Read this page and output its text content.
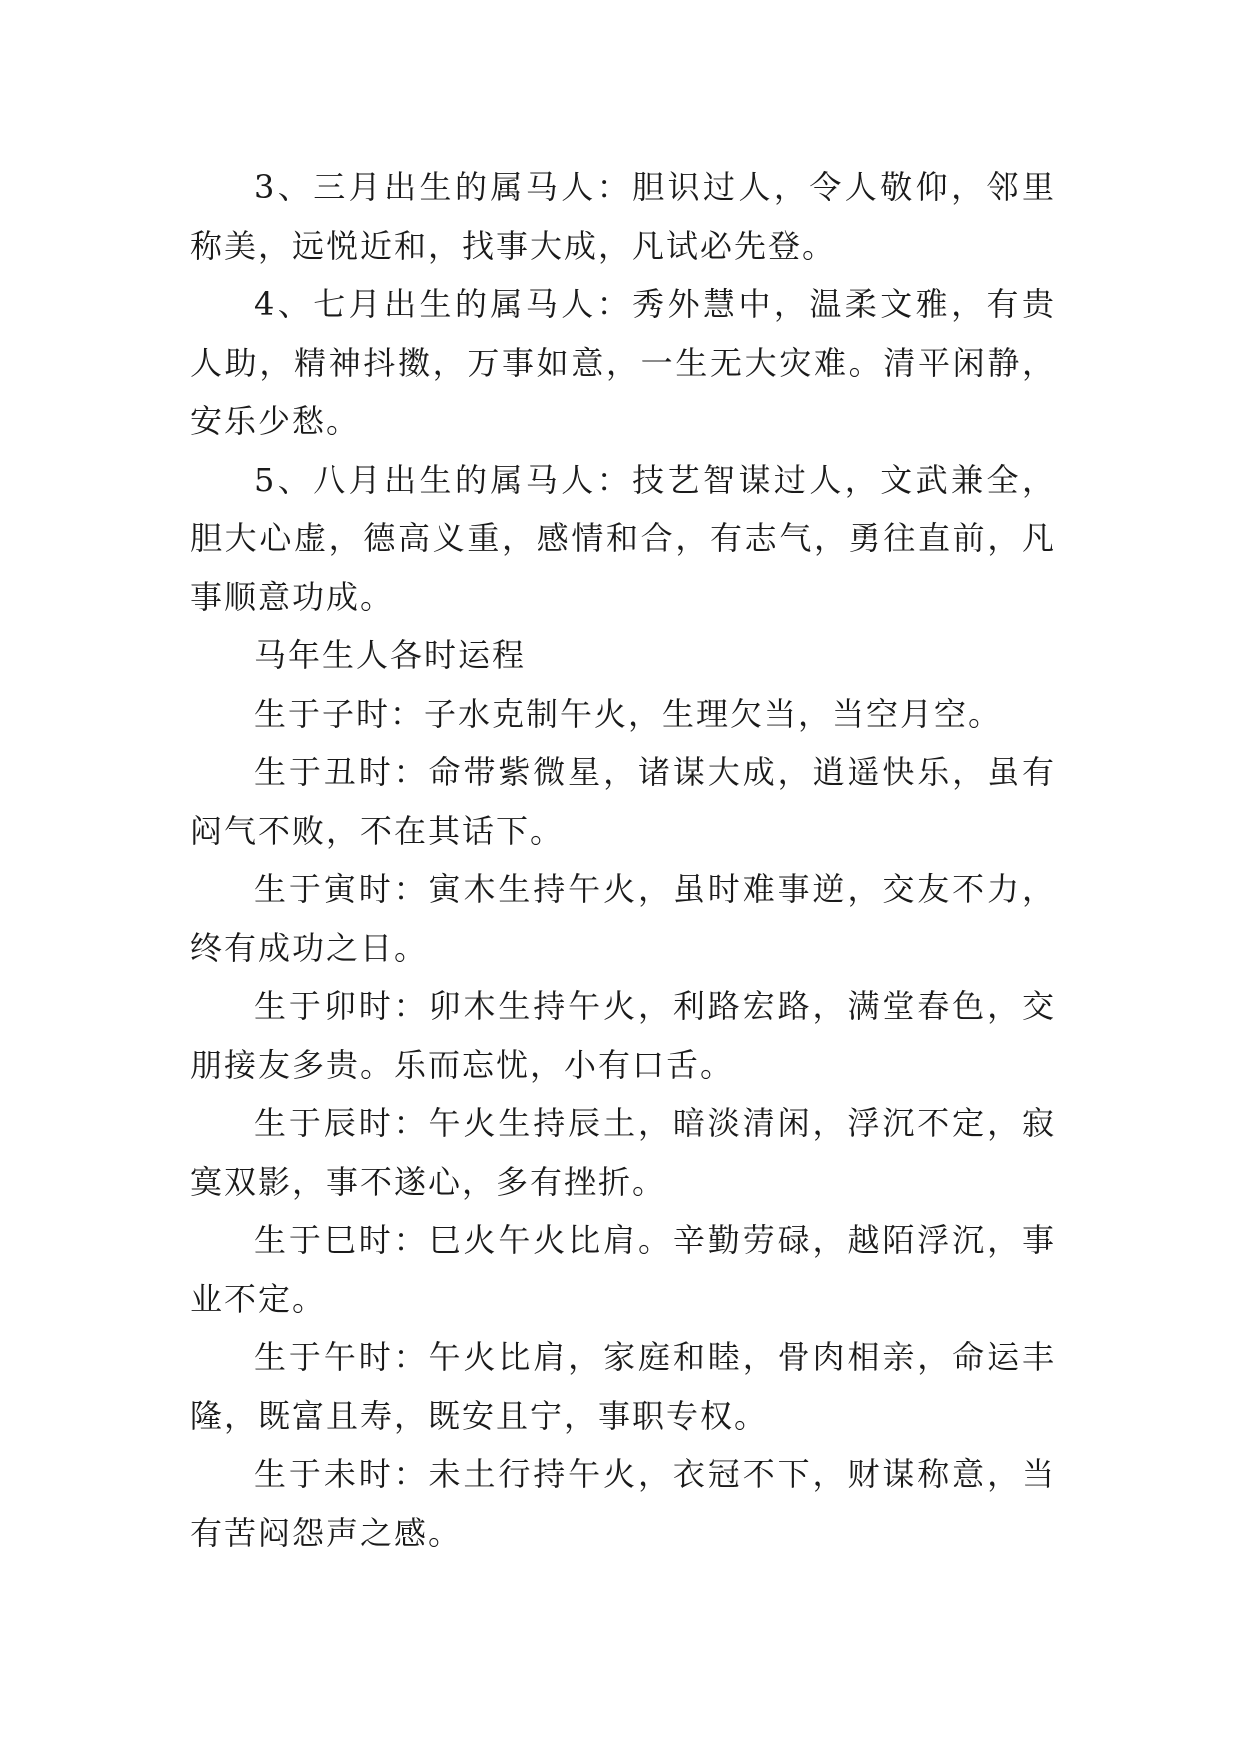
3、三月出生的属马人：胆识过人，令人敬仰，邻里称美，远悦近和，找事大成，凡试必先登。

4、七月出生的属马人：秀外慧中，温柔文雅，有贵人助，精神抖擞，万事如意，一生无大灾难。清平闲静，安乐少愁。

5、八月出生的属马人：技艺智谋过人，文武兼全，胆大心虚，德高义重，感情和合，有志气，勇往直前，凡事顺意功成。

马年生人各时运程

生于子时：子水克制午火，生理欠当，当空月空。

生于丑时：命带紫微星，诸谋大成，逍遥快乐，虽有闷气不败，不在其话下。

生于寅时：寅木生持午火，虽时难事逆，交友不力，终有成功之日。

生于卯时：卯木生持午火，利路宏路，满堂春色，交朋接友多贵。乐而忘忧，小有口舌。

生于辰时：午火生持辰土，暗淡清闲，浮沉不定，寂寞双影，事不遂心，多有挫折。

生于巳时：巳火午火比肩。辛勤劳碌，越陌浮沉，事业不定。

生于午时：午火比肩，家庭和睦，骨肉相亲，命运丰隆，既富且寿，既安且宁，事职专权。

生于未时：未土行持午火，衣冠不下，财谋称意，当有苦闷怨声之感。
